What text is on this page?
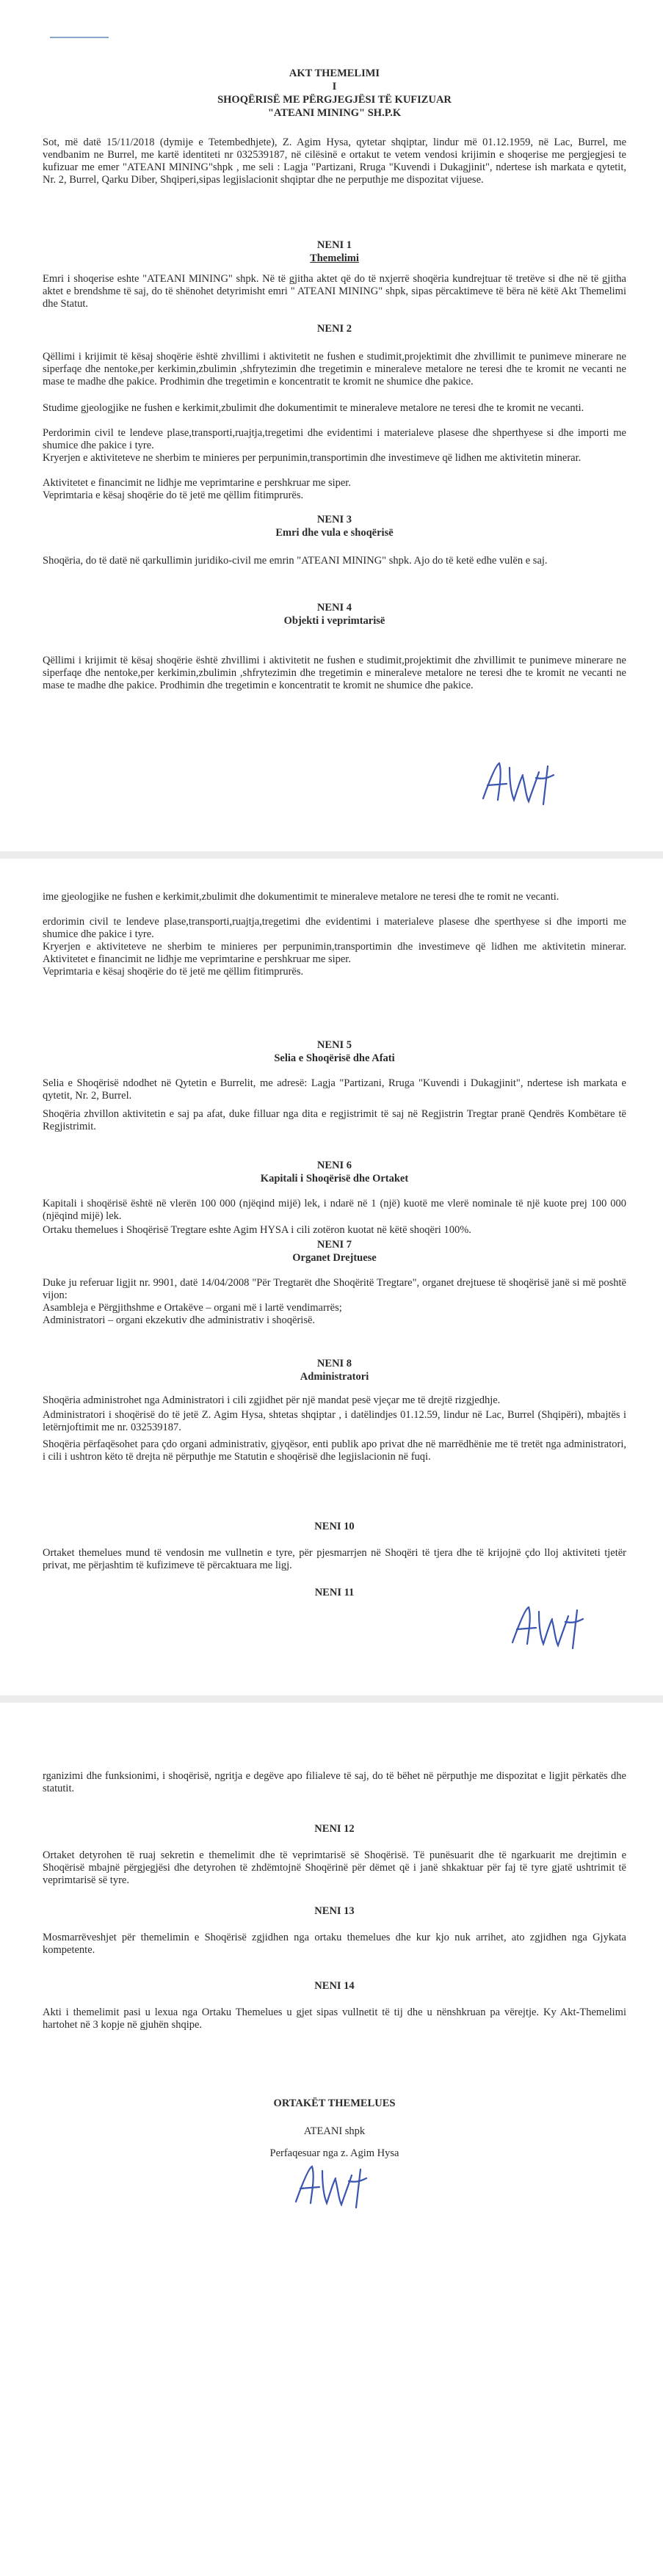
AKT THEMELIMI
I
SHOQËRISË ME PËRGJEGJËSI TË KUFIZUAR
"ATEANI MINING" SH.P.K
Sot, më datë 15/11/2018 (dymije e Tetembedhjete), Z. Agim Hysa, qytetar shqiptar, lindur më 01.12.1959, në Lac, Burrel, me vendbanim ne Burrel, me kartë identiteti nr 032539187, në cilësinë e ortakut te vetem vendosi krijimin e shoqerise me pergjegjesi te kufizuar me emer "ATEANI MINING"shpk , me seli : Lagja "Partizani, Rruga "Kuvendi i Dukagjinit", ndertese ish markata e qytetit, Nr. 2, Burrel, Qarku Diber, Shqiperi,sipas legjislacionit shqiptar dhe ne perputhje me dispozitat vijuese.
NENI 1
Themelimi
Emri i shoqerise eshte "ATEANI MINING" shpk. Në të gjitha aktet që do të nxjerrë shoqëria kundrejtuar të tretëve si dhe në të gjitha aktet e brendshme të saj, do të shënohet detyrimisht emri " ATEANI MINING" shpk, sipas përcaktimeve të bëra në këtë Akt Themelimi dhe Statut.
NENI 2
Qëllimi i krijimit të kësaj shoqërie është zhvillimi i aktivitetit ne fushen e studimit,projektimit dhe zhvillimit te punimeve minerare ne siperfaqe dhe nentoke,per kerkimin,zbulimin ,shfrytezimin dhe tregetimin e mineraleve metalore ne teresi dhe te kromit ne vecanti ne mase te madhe dhe pakice. Prodhimin dhe tregetimin e koncentratit te kromit ne shumice dhe pakice.
Studime gjeologjike ne fushen e kerkimit,zbulimit dhe dokumentimit te mineraleve metalore ne teresi dhe te kromit ne vecanti.
Perdorimin civil te lendeve plase,transporti,ruajtja,tregetimi dhe evidentimi i materialeve plasese dhe shperthyese si dhe importi me shumice dhe pakice i tyre.
Kryerjen e aktiviteteve ne sherbim te minieres per perpunimin,transportimin dhe investimeve që lidhen me aktivitetin minerar.
Aktivitetet e financimit ne lidhje me veprimtarine e pershkruar me siper.
Veprimtaria e kësaj shoqërie do të jetë me qëllim fitimprurës.
NENI 3
Emri dhe vula e shoqërisë
Shoqëria, do të datë në qarkullimin juridiko-civil me emrin "ATEANI MINING" shpk. Ajo do të ketë edhe vulën e saj.
NENI 4
Objekti i veprimtarisë
Qëllimi i krijimit të kësaj shoqërie është zhvillimi i aktivitetit ne fushen e studimit,projektimit dhe zhvillimit te punimeve minerare ne siperfaqe dhe nentoke,per kerkimin,zbulimin ,shfrytezimin dhe tregetimin e mineraleve metalore ne teresi dhe te kromit ne vecanti ne mase te madhe dhe pakice. Prodhimin dhe tregetimin e koncentratit te kromit ne shumice dhe pakice.
ime gjeologjike ne fushen e kerkimit,zbulimit dhe dokumentimit te mineraleve metalore ne teresi dhe te romit ne vecanti.
erdorimin civil te lendeve plase,transporti,ruajtja,tregetimi dhe evidentimi i materialeve plasese dhe sperthyese si dhe importi me shumice dhe pakice i tyre.
Kryerjen e aktiviteteve ne sherbim te minieres per perpunimin,transportimin dhe investimeve që lidhen me aktivitetin minerar. Aktivitetet e financimit ne lidhje me veprimtarine e pershkruar me siper.
Veprimtaria e kësaj shoqërie do të jetë me qëllim fitimprurës.
NENI 5
Selia e Shoqërisë dhe Afati
Selia e Shoqërisë ndodhet në Qytetin e Burrelit, me adresë: Lagja "Partizani, Rruga "Kuvendi i Dukagjinit", ndertese ish markata e qytetit, Nr. 2, Burrel.
Shoqëria zhvillon aktivitetin e saj pa afat, duke filluar nga dita e regjistrimit të saj në Regjistrin Tregtar pranë Qendrës Kombëtare të Regjistrimit.
NENI 6
Kapitali i Shoqërisë dhe Ortaket
Kapitali i shoqërisë është në vlerën 100 000 (njëqind mijë) lek, i ndarë në 1 (një) kuotë me vlerë nominale të një kuote prej 100 000 (njëqind mijë) lek.
Ortaku themelues i Shoqërisë Tregtare eshte Agim HYSA i cili zotëron kuotat në këtë shoqëri 100%.
NENI 7
Organet Drejtuese
Duke ju referuar ligjit nr. 9901, datë 14/04/2008 "Për Tregtarët dhe Shoqëritë Tregtare", organet drejtuese të shoqërisë janë si më poshtë vijon:
Asambleja e Përgjithshme e Ortakëve – organi më i lartë vendimarrës;
Administratori – organi ekzekutiv dhe administrativ i shoqërisë.
NENI 8
Administratori
Shoqëria administrohet nga Administratori i cili zgjidhet për një mandat pesë vjeçar me të drejtë rizgjedhje.
Administratori i shoqërisë do të jetë Z. Agim Hysa, shtetas shqiptar , i datëlindjes 01.12.59, lindur në Lac, Burrel (Shqipëri), mbajtës i letërnjoftimit me nr. 032539187.
Shoqëria përfaqësohet para çdo organi administrativ, gjyqësor, enti publik apo privat dhe në marrëdhënie me të tretët nga administratori, i cili i ushtron këto të drejta në përputhje me Statutin e shoqërisë dhe legjislacionin në fuqi.
NENI 10
Ortaket themelues mund të vendosin me vullnetin e tyre, për pjesmarrjen në Shoqëri të tjera dhe të krijojnë çdo lloj aktiviteti tjetër privat, me përjashtim të kufizimeve të përcaktuara me ligj.
NENI 11
rganizimi dhe funksionimi, i shoqërisë, ngritja e degëve apo filialeve të saj, do të bëhet në përputhje me dispozitat e ligjit përkatës dhe statutit.
NENI 12
Ortaket detyrohen të ruaj sekretin e themelimit dhe të veprimtarisë së Shoqërisë. Të punësuarit dhe të ngarkuarit me drejtimin e Shoqërisë mbajnë përgjegjësi dhe detyrohen të zhdëmtojnë Shoqërinë për dëmet që i janë shkaktuar për faj të tyre gjatë ushtrimit të veprimtarisë së tyre.
NENI 13
Mosmarrëveshjet për themelimin e Shoqërisë zgjidhen nga ortaku themelues dhe kur kjo nuk arrihet, ato zgjidhen nga Gjykata kompetente.
NENI 14
Akti i themelimit pasi u lexua nga Ortaku Themelues u gjet sipas vullnetit të tij dhe u nënshkruan pa vërejtje. Ky Akt-Themelimi hartohet në 3 kopje në gjuhën shqipe.
ORTAKËT THEMELUES
ATEANI shpk
Perfaqesuar nga z. Agim Hysa
